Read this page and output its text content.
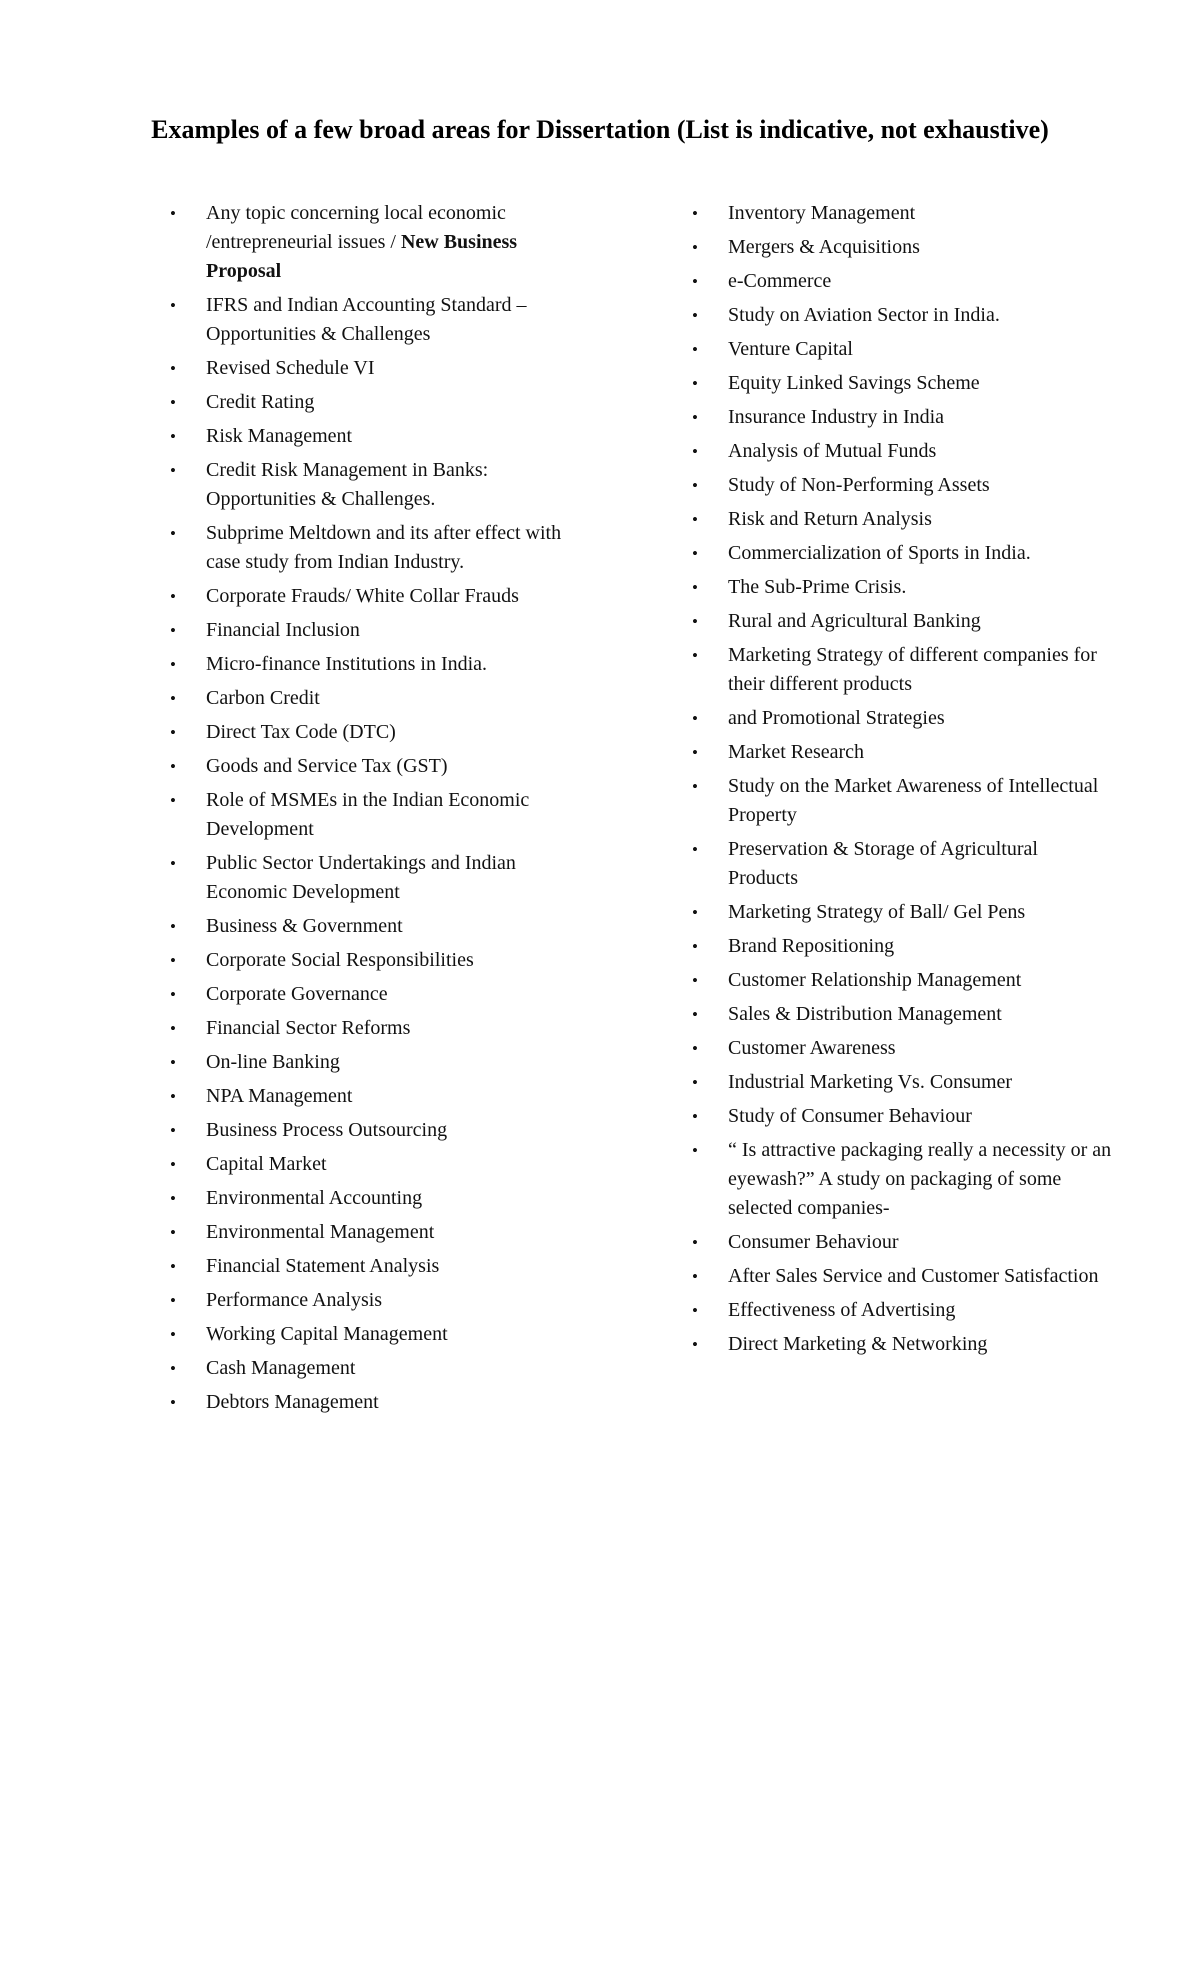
Examples of a few broad areas for Dissertation (List is indicative, not exhaustive)
•	Any topic concerning local economic /entrepreneurial issues / New Business Proposal
•	IFRS and Indian Accounting Standard – Opportunities & Challenges
•	Revised Schedule VI
•	Credit Rating
•	Risk Management
•	Credit Risk Management in Banks: Opportunities & Challenges.
•	Subprime Meltdown and its after effect with case study from Indian Industry.
•	Corporate Frauds/ White Collar Frauds
•	Financial Inclusion
•	Micro-finance Institutions in India.
•	Carbon Credit
•	Direct Tax Code (DTC)
•	Goods and Service Tax (GST)
•	Role of MSMEs in the Indian Economic Development
•	Public Sector Undertakings and Indian Economic Development
•	Business & Government
•	Corporate Social Responsibilities
•	Corporate Governance
•	Financial Sector Reforms
•	On-line Banking
•	NPA Management
•	Business Process Outsourcing
•	Capital Market
•	Environmental Accounting
•	Environmental Management
•	Financial Statement Analysis
•	Performance Analysis
•	Working Capital Management
•	Cash Management
•	Debtors Management
•	Inventory Management
•	Mergers & Acquisitions
•	e-Commerce
•	Study on Aviation Sector in India.
•	Venture Capital
•	Equity Linked Savings Scheme
•	Insurance Industry in India
•	Analysis of Mutual Funds
•	Study of Non-Performing Assets
•	Risk and Return Analysis
•	Commercialization of Sports in India.
•	The Sub-Prime Crisis.
•	Rural and Agricultural Banking
•	Marketing Strategy of different companies for their different products
•	and Promotional Strategies
•	Market Research
•	Study on the Market Awareness of Intellectual Property
•	Preservation & Storage of Agricultural Products
•	Marketing Strategy of Ball/ Gel Pens
•	Brand Repositioning
•	Customer Relationship Management
•	Sales & Distribution Management
•	Customer Awareness
•	Industrial Marketing Vs. Consumer
•	Study of Consumer Behaviour
•	“ Is attractive packaging really a necessity or an eyewash?” A study on packaging of some selected companies-
•	Consumer Behaviour
•	After Sales Service and Customer Satisfaction
•	Effectiveness of Advertising
•	Direct Marketing & Networking
